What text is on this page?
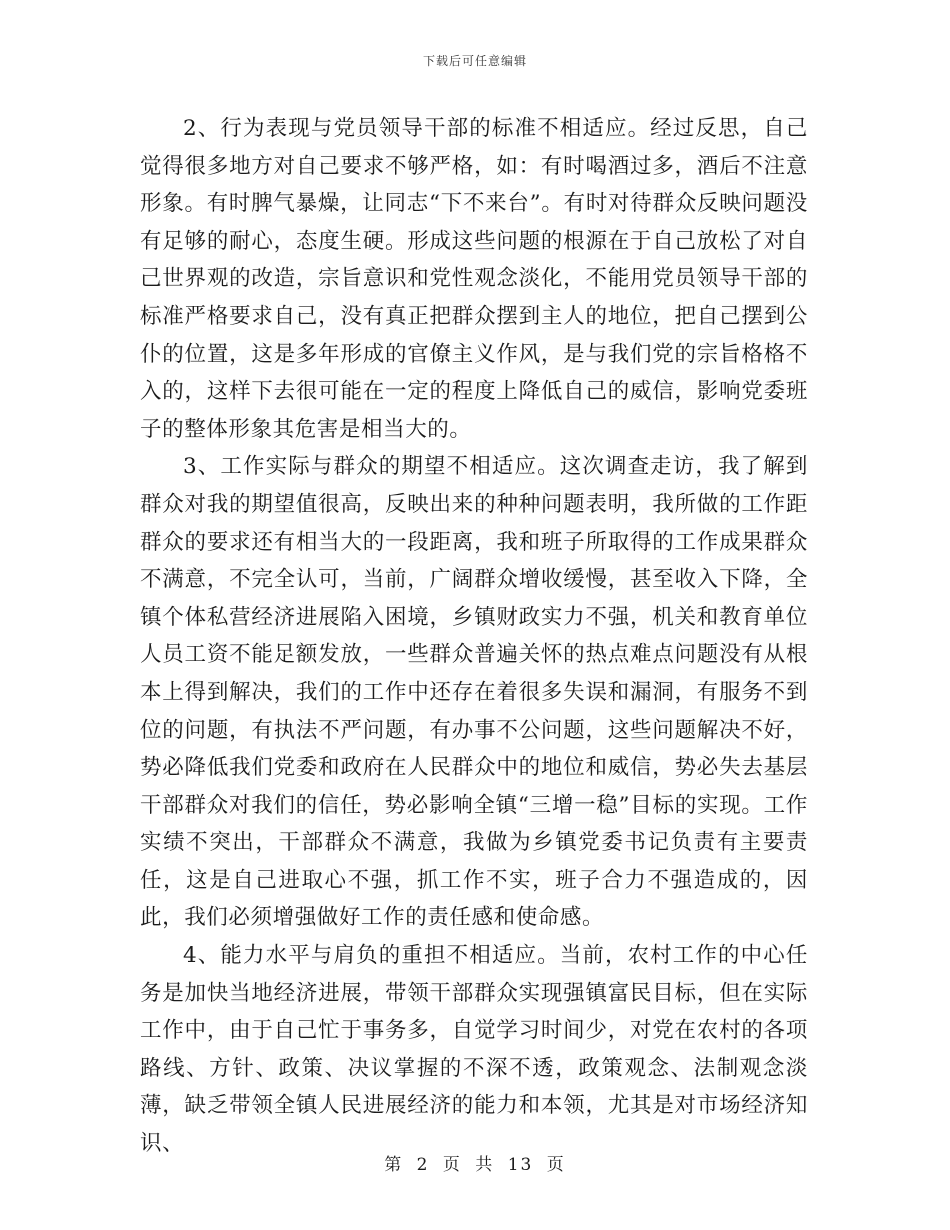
下载后可任意编辑

2、行为表现与党员领导干部的标准不相适应。经过反思，自己觉得很多地方对自己要求不够严格，如：有时喝酒过多，酒后不注意形象。有时脾气暴燥，让同志“下不来台”。有时对待群众反映问题没有足够的耐心，态度生硬。形成这些问题的根源在于自己放松了对自己世界观的改造，宗旨意识和党性观念淡化，不能用党员领导干部的标准严格要求自己，没有真正把群众摆到主人的地位，把自己摆到公仆的位置，这是多年形成的官僚主义作风，是与我们党的宗旨格格不入的，这样下去很可能在一定的程度上降低自己的威信，影响党委班子的整体形象其危害是相当大的。

3、工作实际与群众的期望不相适应。这次调查走访，我了解到群众对我的期望值很高，反映出来的种种问题表明，我所做的工作距群众的要求还有相当大的一段距离，我和班子所取得的工作成果群众不满意，不完全认可，当前，广阔群众增收缓慢，甚至收入下降，全镇个体私营经济进展陷入困境，乡镇财政实力不强，机关和教育单位人员工资不能足额发放，一些群众普遍关怀的热点难点问题没有从根本上得到解决，我们的工作中还存在着很多失误和漏洞，有服务不到位的问题，有执法不严问题，有办事不公问题，这些问题解决不好，势必降低我们党委和政府在人民群众中的地位和威信，势必失去基层干部群众对我们的信任，势必影响全镇“三增一稳”目标的实现。工作实绩不突出，干部群众不满意，我做为乡镇党委书记负责有主要责任，这是自己进取心不强，抓工作不实，班子合力不强造成的，因此，我们必须增强做好工作的责任感和使命感。

4、能力水平与肩负的重担不相适应。当前，农村工作的中心任务是加快当地经济进展，带领干部群众实现强镇富民目标，但在实际工作中，由于自己忙于事务多，自觉学习时间少，对党在农村的各项路线、方针、政策、决议掌握的不深不透，政策观念、法制观念淡薄，缺乏带领全镇人民进展经济的能力和本领，尤其是对市场经济知识、

第 2 页 共 13 页
